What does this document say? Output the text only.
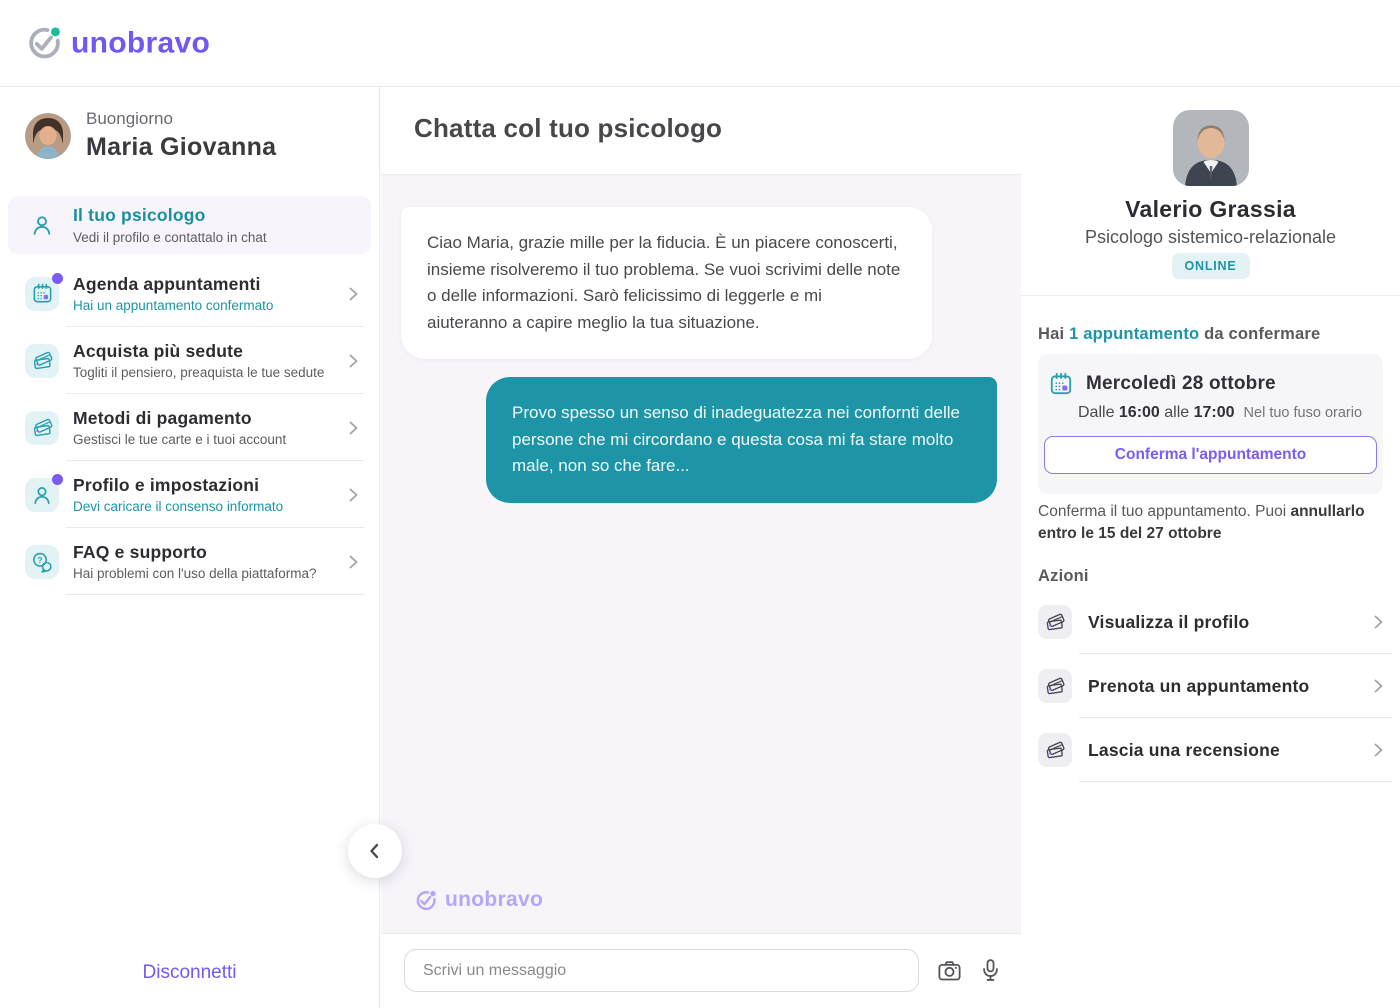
unobravo
Buongiorno
Maria Giovanna
Il tuo psicologo
Vedi il profilo e contattalo in chat
Agenda appuntamenti
Hai un appuntamento confermato
Acquista più sedute
Togliti il pensiero, preaquista le tue sedute
Metodi di pagamento
Gestisci le tue carte e i tuoi account
Profilo e impostazioni
Devi caricare il consenso informato
FAQ e supporto
Hai problemi con l'uso della piattaforma?
Disconnetti
Chatta col tuo psicologo
Ciao Maria, grazie mille per la fiducia. È un piacere conoscerti, insieme risolveremo il tuo problema. Se vuoi scrivimi delle note o delle informazioni. Sarò felicissimo di leggerle e mi aiuteranno a capire meglio la tua situazione.
Provo spesso un senso di inadeguatezza nei confornti delle persone che mi circordano e questa cosa mi fa stare molto male, non so che fare...
unobravo
Scrivi un messaggio
Valerio Grassia
Psicologo sistemico-relazionale
ONLINE
Hai 1 appuntamento da confermare
Mercoledì 28 ottobre
Dalle 16:00 alle 17:00 Nel tuo fuso orario
Conferma l'appuntamento
Conferma il tuo appuntamento. Puoi annullarlo entro le 15 del 27 ottobre
Azioni
Visualizza il profilo
Prenota un appuntamento
Lascia una recensione
